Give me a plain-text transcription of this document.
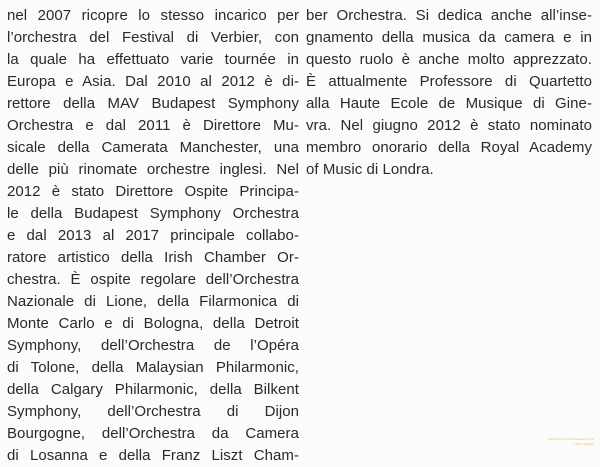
nel 2007 ricopre lo stesso incarico per
l’orchestra del Festival di Verbier, con
la quale ha effettuato varie tournée in
Europa e Asia. Dal 2010 al 2012 è di-
rettore della MAV Budapest Symphony
Orchestra e dal 2011 è Direttore Mu-
sicale della Camerata Manchester, una
delle più rinomate orchestre inglesi. Nel
2012 è stato Direttore Ospite Principa-
le della Budapest Symphony Orchestra
e dal 2013 al 2017 principale collabo-
ratore artistico della Irish Chamber Or-
chestra. È ospite regolare dell’Orchestra
Nazionale di Lione, della Filarmonica di
Monte Carlo e di Bologna, della Detroit
Symphony, dell’Orchestra de l’Opéra
di Tolone, della Malaysian Philarmonic,
della Calgary Philarmonic, della Bilkent
Symphony, dell’Orchestra di Dijon
Bourgogne, dell’Orchestra da Camera
di Losanna e della Franz Liszt Cham-
ber Orchestra. Si dedica anche all’inse-
gnamento della musica da camera e in
questo ruolo è anche molto apprezzato.
È attualmente Professore di Quartetto
alla Haute Ecole de Musique di Gine-
vra. Nel giugno 2012 è stato nominato
membro onorario della Royal Academy
of Music di Londra.
2021-2022 Unione Musicale Onlus
Ufficio Stampa
